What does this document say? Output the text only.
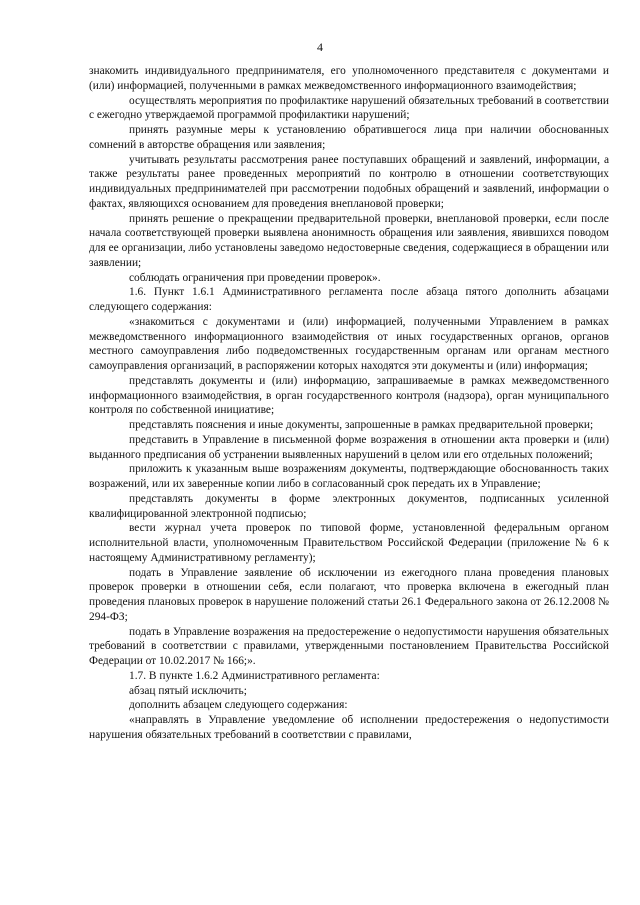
4

знакомить индивидуального предпринимателя, его уполномоченного представителя с документами и (или) информацией, полученными в рамках межведомственного информационного взаимодействия;

осуществлять мероприятия по профилактике нарушений обязательных требований в соответствии с ежегодно утверждаемой программой профилактики нарушений;

принять разумные меры к установлению обратившегося лица при наличии обоснованных сомнений в авторстве обращения или заявления;

учитывать результаты рассмотрения ранее поступавших обращений и заявлений, информации, а также результаты ранее проведенных мероприятий по контролю в отношении соответствующих индивидуальных предпринимателей при рассмотрении подобных обращений и заявлений, информации о фактах, являющихся основанием для проведения внеплановой проверки;

принять решение о прекращении предварительной проверки, внеплановой проверки, если после начала соответствующей проверки выявлена анонимность обращения или заявления, явившихся поводом для ее организации, либо установлены заведомо недостоверные сведения, содержащиеся в обращении или заявлении;

соблюдать ограничения при проведении проверок».

1.6. Пункт 1.6.1 Административного регламента после абзаца пятого дополнить абзацами следующего содержания:

«знакомиться с документами и (или) информацией, полученными Управлением в рамках межведомственного информационного взаимодействия от иных государственных органов, органов местного самоуправления либо подведомственных государственным органам или органам местного самоуправления организаций, в распоряжении которых находятся эти документы и (или) информация;

представлять документы и (или) информацию, запрашиваемые в рамках межведомственного информационного взаимодействия, в орган государственного контроля (надзора), орган муниципального контроля по собственной инициативе;

представлять пояснения и иные документы, запрошенные в рамках предварительной проверки;

представить в Управление в письменной форме возражения в отношении акта проверки и (или) выданного предписания об устранении выявленных нарушений в целом или его отдельных положений;

приложить к указанным выше возражениям документы, подтверждающие обоснованность таких возражений, или их заверенные копии либо в согласованный срок передать их в Управление;

представлять документы в форме электронных документов, подписанных усиленной квалифицированной электронной подписью;

вести журнал учета проверок по типовой форме, установленной федеральным органом исполнительной власти, уполномоченным Правительством Российской Федерации (приложение № 6 к настоящему Административному регламенту);

подать в Управление заявление об исключении из ежегодного плана проведения плановых проверок проверки в отношении себя, если полагают, что проверка включена в ежегодный план проведения плановых проверок в нарушение положений статьи 26.1 Федерального закона от 26.12.2008 № 294-ФЗ;

подать в Управление возражения на предостережение о недопустимости нарушения обязательных требований в соответствии с правилами, утвержденными постановлением Правительства Российской Федерации от 10.02.2017 № 166;».

1.7. В пункте 1.6.2 Административного регламента:

абзац пятый исключить;

дополнить абзацем следующего содержания:

«направлять в Управление уведомление об исполнении предостережения о недопустимости нарушения обязательных требований в соответствии с правилами,
